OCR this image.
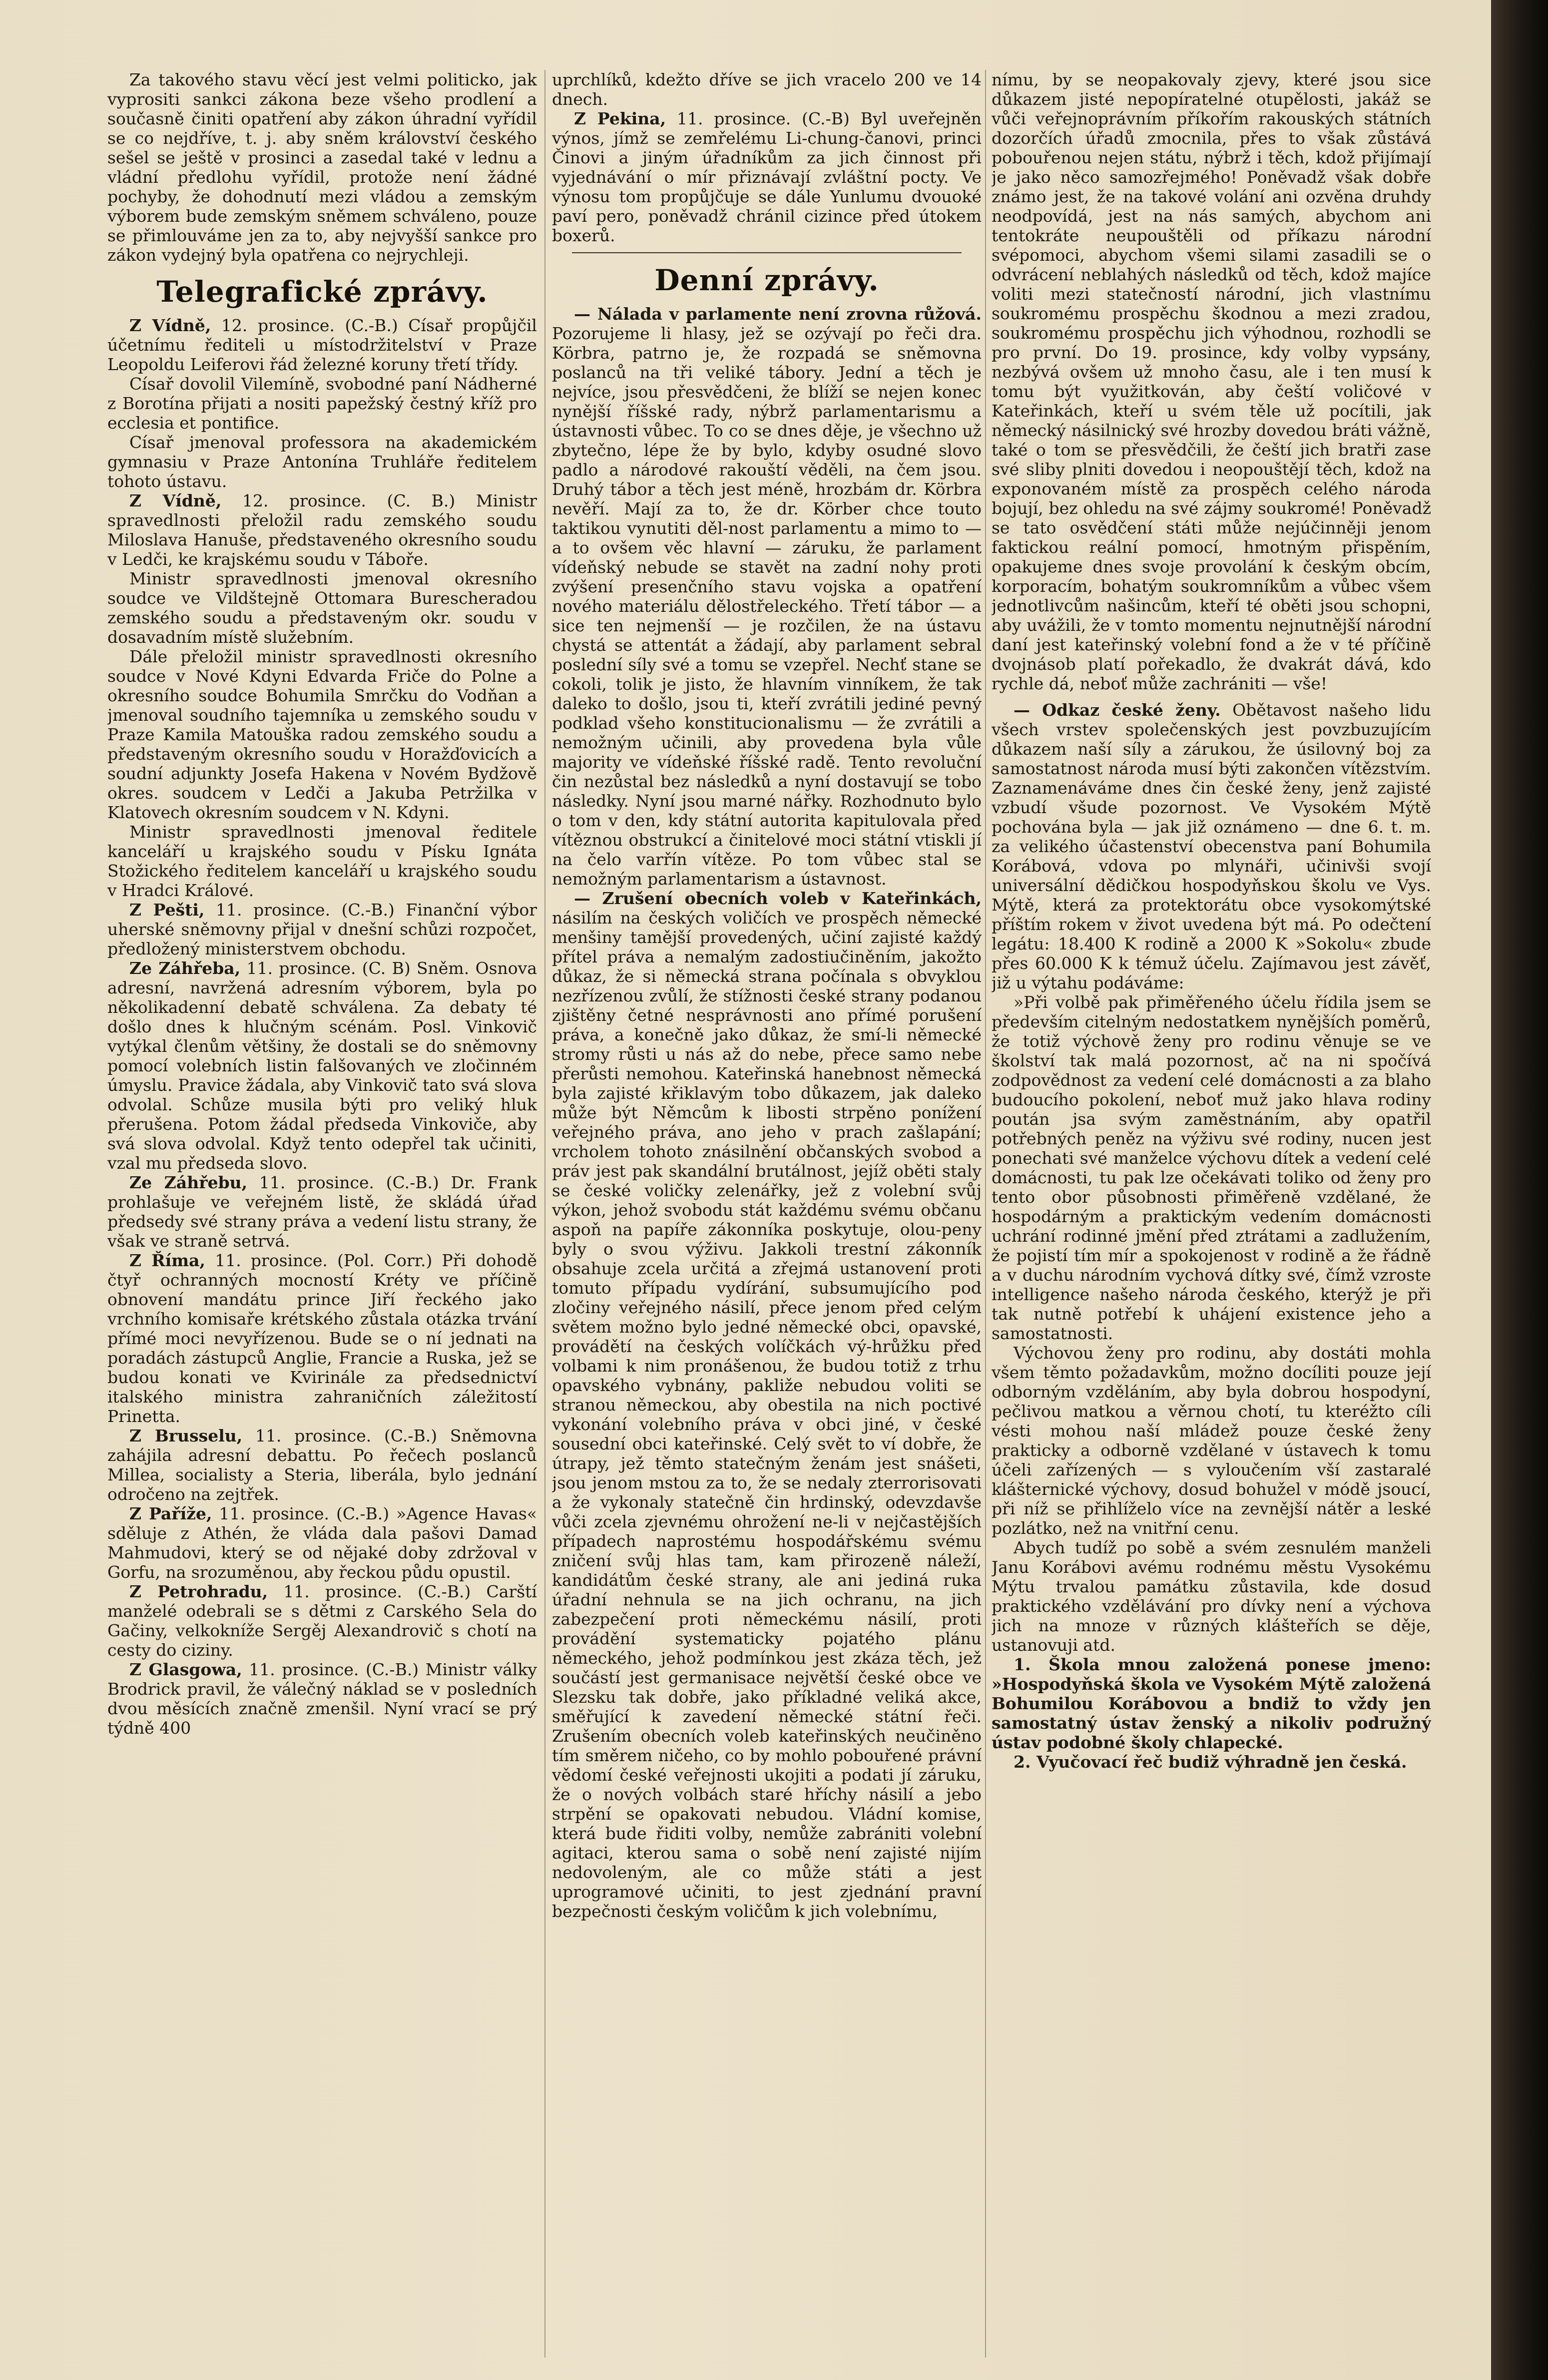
Za takového stavu věcí jest velmi politicko, jak vyprositi sankci zákona beze všeho prodlení a současně činiti opatření aby zákon úhradní vyřídil se co nejdříve, t. j. aby sněm království českého sešel se ještě v prosinci a zasedal také v lednu a vládní předlohu vyřídil, protože není žádné pochyby, že dohodnutí mezi vládou a zemským výborem bude zemským sněmem schváleno, pouze se přimlouváme jen za to, aby nejvyšší sankce pro zákon vydejný byla opatřena co nejrychleji.

Telegrafické zprávy.

Z Vídně, 12. prosince. (C.-B.) Císař propůjčil účetnímu řediteli u místodržitelství v Praze Leopoldu Leiferovi řád železné koruny třetí třídy.

Císař dovolil Vilemíně, svobodné paní Nádherné z Borotína přijati a nositi papežský čestný kříž pro ecclesia et pontifice.

Císař jmenoval professora na akademickém gymnasiu v Praze Antonína Truhláře ředitelem tohoto ústavu.

Z Vídně, 12. prosince. (C. B.) Ministr spravedlnosti přeložil radu zemského soudu Miloslava Hanuše, představeného okresního soudu v Ledči, ke krajskému soudu v Táboře.

Ministr spravedlnosti jmenoval okresního soudce ve Vildštejně Ottomara Burescheradou zemského soudu a představeným okr. soudu v dosavadním místě služebním.

Dále přeložil ministr spravedlnosti okresního soudce v Nové Kdyni Edvarda Friče do Polne a okresního soudce Bohumila Smrčku do Vodňan a jmenoval soudního tajemníka u zemského soudu v Praze Kamila Matouška radou zemského soudu a představeným okresního soudu v Horažďovicích a soudní adjunkty Josefa Hakena v Novém Bydžově okres. soudcem v Ledči a Jakuba Petržilka v Klatovech okresním soudcem v N. Kdyni.

Ministr spravedlnosti jmenoval ředitele kanceláří u krajského soudu v Písku Ignáta Stožického ředitelem kanceláří u krajského soudu v Hradci Králové.

Z Pešti, 11. prosince. (C.-B.) Finanční výbor uherské sněmovny přijal v dnešní schůzi rozpočet, předložený ministerstvem obchodu.

Ze Záhřeba, 11. prosince. (C. B) Sněm. Osnova adresní, navržená adresním výborem, byla po několikadenní debatě schválena. Za debaty té došlo dnes k hlučným scénám. Posl. Vinkovič vytýkal členům většiny, že dostali se do sněmovny pomocí volebních listin falšovaných ve zločinném úmyslu. Pravice žádala, aby Vinkovič tato svá slova odvolal. Schůze musila býti pro veliký hluk přerušena. Potom žádal předseda Vinkoviče, aby svá slova odvolal. Když tento odepřel tak učiniti, vzal mu předseda slovo.

Ze Záhřebu, 11. prosince. (C.-B.) Dr. Frank prohlašuje ve veřejném listě, že skládá úřad předsedy své strany práva a vedení listu strany, že však ve straně setrvá.

Z Říma, 11. prosince. (Pol. Corr.) Při dohodě čtyř ochranných mocností Kréty ve příčině obnovení mandátu prince Jiří řeckého jako vrchního komisaře krétského zůstala otázka trvání přímé moci nevyřízenou. Bude se o ní jednati na poradách zástupců Anglie, Francie a Ruska, jež se budou konati ve Kvirinále za předsednictví italského ministra zahraničních záležitostí Prinetta.

Z Brusselu, 11. prosince. (C.-B.) Sněmovna zahájila adresní debattu. Po řečech poslanců Millea, socialisty a Steria, liberála, bylo jednání odročeno na zejtřek.

Z Paříže, 11. prosince. (C.-B.) »Agence Havas« sděluje z Athén, že vláda dala pašovi Damad Mahmudovi, který se od nějaké doby zdržoval v Gorfu, na srozuměnou, aby řeckou půdu opustil.

Z Petrohradu, 11. prosince. (C.-B.) Carští manželé odebrali se s dětmi z Carského Sela do Gačiny, velkokníže Sergěj Alexandrovič s chotí na cesty do ciziny.

Z Glasgowa, 11. prosince. (C.-B.) Ministr války Brodrick pravil, že válečný náklad se v posledních dvou měsících značně zmenšil. Nyní vrací se prý týdně 400

uprchlíků, kdežto dříve se jich vracelo 200 ve 14 dnech.

Z Pekina, 11. prosince. (C.-B) Byl uveřejněn výnos, jímž se zemřelému Li-chung-čanovi, princi Činovi a jiným úřadníkům za jich činnost při vyjednávání o mír přiznávají zvláštní pocty. Ve výnosu tom propůjčuje se dále Yunlumu dvouoké paví pero, poněvadž chránil cizince před útokem boxerů.

Denní zprávy.

— Nálada v parlamente není zrovna růžová. Pozorujeme li hlasy, jež se ozývají po řeči dra. Körbra, patrno je, že rozpadá se sněmovna poslanců na tři veliké tábory. Jední a těch je nejvíce, jsou přesvědčeni, že blíží se nejen konec nynější říšské rady, nýbrž parlamentarismu a ústavnosti vůbec. To co se dnes děje, je všechno už zbytečno, lépe že by bylo, kdyby osudné slovo padlo a národové rakouští věděli, na čem jsou. Druhý tábor a těch jest méně, hrozbám dr. Körbra nevěří. Mají za to, že dr. Körber chce touto taktikou vynutiti děl-nost parlamentu a mimo to — a to ovšem věc hlavní — záruku, že parlament vídeňský nebude se stavět na zadní nohy proti zvýšení presenčního stavu vojska a opatření nového materiálu dělostřeleckého. Třetí tábor — a sice ten nejmenší — je rozčilen, že na ústavu chystá se attentát a žádají, aby parlament sebral poslední síly své a tomu se vzepřel. Nechť stane se cokoli, tolik je jisto, že hlavním vinníkem, že tak daleko to došlo, jsou ti, kteří zvrátili jediné pevný podklad všeho konstitucionalismu — že zvrátili a nemožným učinili, aby provedena byla vůle majority ve vídeňské říšské radě. Tento revoluční čin nezůstal bez následků a nyní dostavují se tobo následky. Nyní jsou marné nářky. Rozhodnuto bylo o tom v den, kdy státní autorita kapitulovala před vítěznou obstrukcí a činitelové moci státní vtiskli jí na čelo varřín vítěze. Po tom vůbec stal se nemožným parlamentarism a ústavnost.

— Zrušení obecních voleb v Kateřinkách, násilím na českých voličích ve prospěch německé menšiny tamější provedených, učiní zajisté každý přítel práva a nemalým zadostiučiněním, jakožto důkaz, že si německá strana počínala s obvyklou nezřízenou zvůlí, že stížnosti české strany podanou zjištěny četné nesprávnosti ano přímé porušení práva, a konečně jako důkaz, že smí-li německé stromy růsti u nás až do nebe, přece samo nebe přerůsti nemohou. Kateřinská hanebnost německá byla zajisté křiklavým tobo důkazem, jak daleko může být Němcům k libosti strpěno ponížení veřejného práva, ano jeho v prach zašlapání; vrcholem tohoto znásilnění občanských svobod a práv jest pak skandální brutálnost, jejíž oběti staly se české voličky zelenářky, jež z volební svůj výkon, jehož svobodu stát každému svému občanu aspoň na papíře zákonníka poskytuje, olou-peny byly o svou výživu. Jakkoli trestní zákonník obsahuje zcela určitá a zřejmá ustanovení proti tomuto případu vydírání, subsumujícího pod zločiny veřejného násilí, přece jenom před celým světem možno bylo jedné německé obci, opavské, provádětí na českých volíčkách vý-hrůžku před volbami k nim pronášenou, že budou totiž z trhu opavského vybnány, pakliže nebudou voliti se stranou německou, aby obestila na nich poctivé vykonání volebního práva v obci jiné, v české sousední obci kateřinské. Celý svět to ví dobře, že útrapy, jež těmto statečným ženám jest snášeti, jsou jenom mstou za to, že se nedaly zterrorisovati a že vykonaly statečně čin hrdinský, odevzdavše vůči zcela zjevnému ohrožení ne-li v nejčastějších případech naprostému hospodářskému svému zničení svůj hlas tam, kam přirozeně náleží, kandidátům české strany, ale ani jediná ruka úřadní nehnula se na jich ochranu, na jich zabezpečení proti německému násilí, proti provádění systematicky pojatého plánu německého, jehož podmínkou jest zkáza těch, jež součástí jest germanisace největší české obce ve Slezsku tak dobře, jako příkladné veliká akce, směřující k zavedení německé státní řeči. Zrušením obecních voleb kateřinských neučiněno tím směrem ničeho, co by mohlo pobouřené právní vědomí české veřejnosti ukojiti a podati jí záruku, že o nových volbách staré hříchy násilí a jebo strpění se opakovati nebudou. Vládní komise, která bude řiditi volby, nemůže zabrániti volební agitaci, kterou sama o sobě není zajisté nijím nedovoleným, ale co může státi a jest uprogramové učiniti, to jest zjednání pravní bezpečnosti českým voličům k jich volebnímu,

nímu, by se neopakovaly zjevy, které jsou sice důkazem jisté nepopíratelné otupělosti, jakáž se vůči veřejnoprávním příkořím rakouských státních dozorčích úřadů zmocnila, přes to však zůstává pobouřenou nejen státu, nýbrž i těch, kdož přijímají je jako něco samozřejmého! Poněvadž však dobře známo jest, že na takové volání ani ozvěna druhdy neodpovídá, jest na nás samých, abychom ani tentokráte neupouštěli od příkazu národní svépomoci, abychom všemi silami zasadili se o odvrácení neblahých následků od těch, kdož majíce voliti mezi statečností národní, jich vlastnímu soukromému prospěchu škodnou a mezi zradou, soukromému prospěchu jich výhodnou, rozhodli se pro první. Do 19. prosince, kdy volby vypsány, nezbývá ovšem už mnoho času, ale i ten musí k tomu být využitkován, aby čeští voličové v Kateřinkách, kteří u svém těle už pocítili, jak německý násilnický své hrozby dovedou bráti vážně, také o tom se přesvědčili, že čeští jich bratři zase své sliby plniti dovedou i neopouštějí těch, kdož na exponovaném místě za prospěch celého národa bojují, bez ohledu na své zájmy soukromé! Poněvadž se tato osvědčení státi může nejúčinněji jenom faktickou reální pomocí, hmotným přispěním, opakujeme dnes svoje provolání k českým obcím, korporacím, bohatým soukromníkům a vůbec všem jednotlivcům našincům, kteří té oběti jsou schopni, aby uvážili, že v tomto momentu nejnutnější národní daní jest kateřinský volební fond a že v té příčině dvojnásob platí pořekadlo, že dvakrát dává, kdo rychle dá, neboť může zachrániti — vše!

— Odkaz české ženy. Obětavost našeho lidu všech vrstev společenských jest povzbuzujícím důkazem naší síly a zárukou, že úsilovný boj za samostatnost národa musí býti zakončen vítězstvím. Zaznamenáváme dnes čin české ženy, jenž zajisté vzbudí všude pozornost. Ve Vysokém Mýtě pochována byla — jak již oznámeno — dne 6. t. m. za velikého účastenství obecenstva paní Bohumila Korábová, vdova po mlynáři, učinivši svojí universální dědičkou hospodyňskou školu ve Vys. Mýtě, která za protektorátu obce vysokomýtské příštím rokem v život uvedena být má. Po odečtení legátu: 18.400 K rodině a 2000 K »Sokolu« zbude přes 60.000 K k témuž účelu. Zajímavou jest závěť, již u výtahu podáváme:

»Při volbě pak přiměřeného účelu řídila jsem se především citelným nedostatkem nynějších poměrů, že totiž výchově ženy pro rodinu věnuje se ve školství tak malá pozornost, ač na ni spočívá zodpovědnost za vedení celé domácnosti a za blaho budoucího pokolení, neboť muž jako hlava rodiny poután jsa svým zaměstnáním, aby opatřil potřebných peněz na výživu své rodiny, nucen jest ponechati své manželce výchovu dítek a vedení celé domácnosti, tu pak lze očekávati toliko od ženy pro tento obor působnosti přiměřeně vzdělané, že hospodárným a praktickým vedením domácnosti uchrání rodinné jmění před ztrátami a zadlužením, že pojistí tím mír a spokojenost v rodině a že řádně a v duchu národním vychová dítky své, čímž vzroste intelligence našeho národa českého, kterýž je při tak nutně potřebí k uhájení existence jeho a samostatnosti.

Výchovou ženy pro rodinu, aby dostáti mohla všem těmto požadavkům, možno docíliti pouze její odborným vzděláním, aby byla dobrou hospodyní, pečlivou matkou a věrnou chotí, tu kteréžto cíli vésti mohou naší mládež pouze české ženy prakticky a odborně vzdělané v ústavech k tomu účeli zařízených — s vyloučením vší zastaralé klášternické výchovy, dosud bohužel v módě jsoucí, při níž se přihlíželo více na zevnější nátěr a leské pozlátko, než na vnitřní cenu.

Abych tudíž po sobě a svém zesnulém manželi Janu Korábovi avému rodnému městu Vysokému Mýtu trvalou památku zůstavila, kde dosud praktického vzdělávání pro dívky není a výchova jich na mnoze v různých klášteřích se děje, ustanovuji atd.

1. Škola mnou založená ponese jmeno: »Hospodyňská škola ve Vysokém Mýtě založená Bohumilou Korábovou a bndiž to vždy jen samostatný ústav ženský a nikoliv podružný ústav podobné školy chlapecké.

2. Vyučovací řeč budiž výhradně jen česká.
